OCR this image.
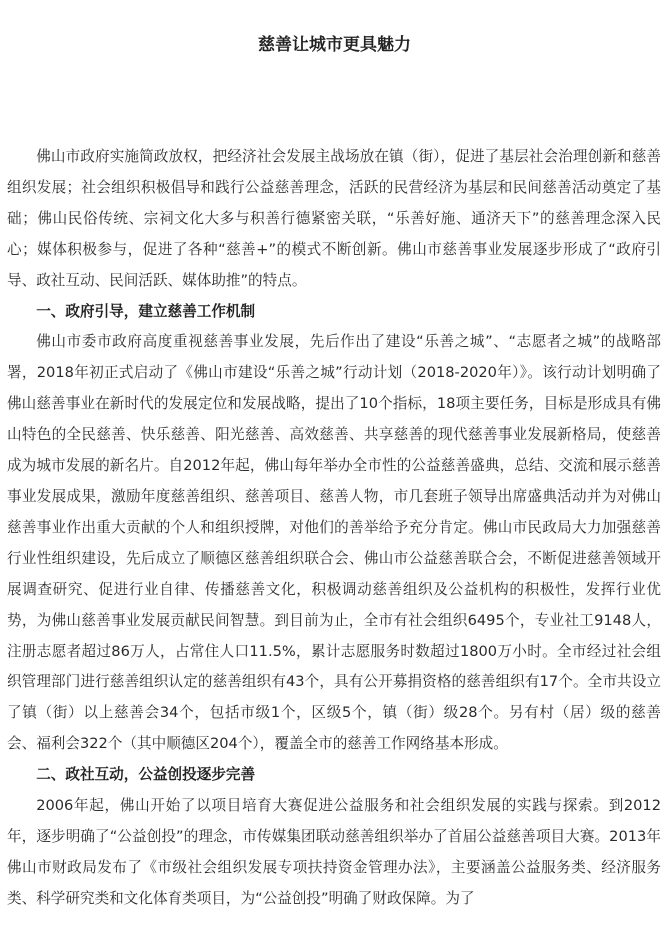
慈善让城市更具魅力

佛山市政府实施简政放权，把经济社会发展主战场放在镇（街），促进了基层社会治理创新和慈善组织发展；社会组织积极倡导和践行公益慈善理念，活跃的民营经济为基层和民间慈善活动奠定了基础；佛山民俗传统、宗祠文化大多与积善行德紧密关联，“乐善好施、通济天下”的慈善理念深入民心；媒体积极参与，促进了各种“慈善+”的模式不断创新。佛山市慈善事业发展逐步形成了“政府引导、政社互动、民间活跃、媒体助推”的特点。

一、政府引导，建立慈善工作机制

佛山市委市政府高度重视慈善事业发展，先后作出了建设“乐善之城”、“志愿者之城”的战略部署，2018年初正式启动了《佛山市建设“乐善之城”行动计划（2018-2020年）》。该行动计划明确了佛山慈善事业在新时代的发展定位和发展战略，提出了10个指标，18项主要任务，目标是形成具有佛山特色的全民慈善、快乐慈善、阳光慈善、高效慈善、共享慈善的现代慈善事业发展新格局，使慈善成为城市发展的新名片。自2012年起，佛山每年举办全市性的公益慈善盛典，总结、交流和展示慈善事业发展成果，激励年度慈善组织、慈善项目、慈善人物，市几套班子领导出席盛典活动并为对佛山慈善事业作出重大贡献的个人和组织授牌，对他们的善举给予充分肯定。佛山市民政局大力加强慈善行业性组织建设，先后成立了顺德区慈善组织联合会、佛山市公益慈善联合会，不断促进慈善领域开展调查研究、促进行业自律、传播慈善文化，积极调动慈善组织及公益机构的积极性，发挥行业优势，为佛山慈善事业发展贡献民间智慧。到目前为止，全市有社会组织6495个，专业社工9148人，注册志愿者超过86万人，占常住人口11.5%，累计志愿服务时数超过1800万小时。全市经过社会组织管理部门进行慈善组织认定的慈善组织有43个，具有公开募捐资格的慈善组织有17个。全市共设立了镇（街）以上慈善会34个，包括市级1个，区级5个，镇（街）级28个。另有村（居）级的慈善会、福利会322个（其中顺德区204个），覆盖全市的慈善工作网络基本形成。

二、政社互动，公益创投逐步完善

2006年起，佛山开始了以项目培育大赛促进公益服务和社会组织发展的实践与探索。到2012年，逐步明确了“公益创投”的理念，市传媒集团联动慈善组织举办了首届公益慈善项目大赛。2013年佛山市财政局发布了《市级社会组织发展专项扶持资金管理办法》，主要涵盖公益服务类、经济服务类、科学研究类和文化体育类项目，为“公益创投”明确了财政保障。为了
